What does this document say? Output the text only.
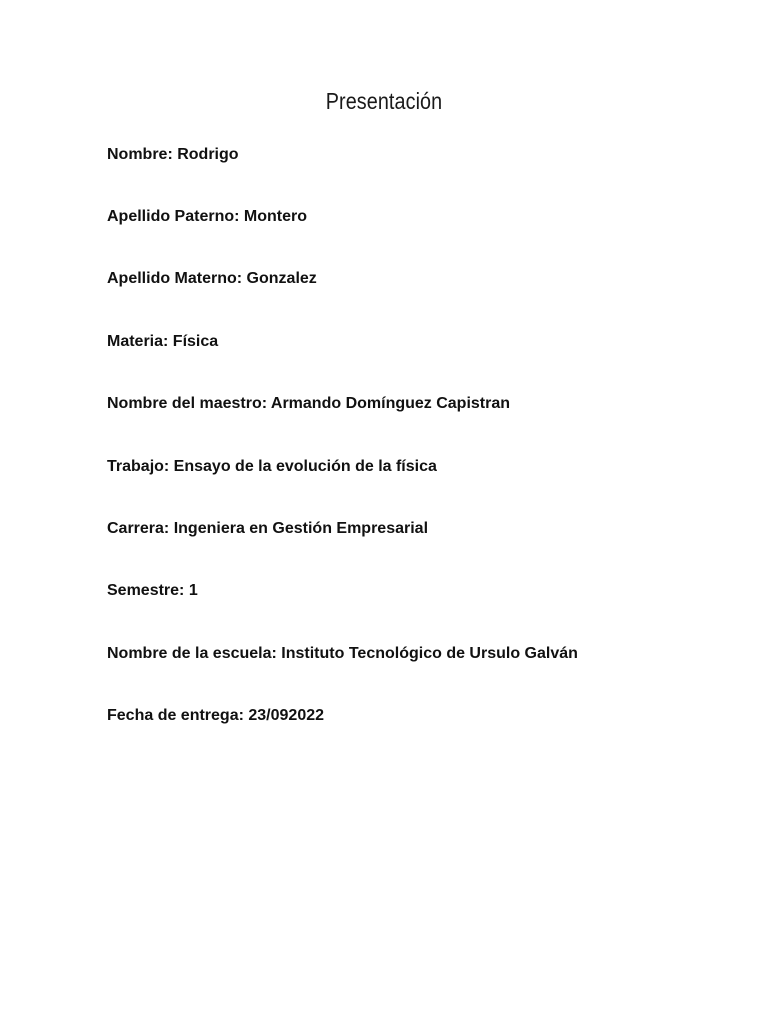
Presentación
Nombre: Rodrigo
Apellido Paterno: Montero
Apellido Materno: Gonzalez
Materia: Física
Nombre del maestro: Armando Domínguez Capistran
Trabajo: Ensayo de la evolución de la física
Carrera: Ingeniera en Gestión Empresarial
Semestre: 1
Nombre de la escuela: Instituto Tecnológico de Ursulo Galván
Fecha de entrega: 23/092022
